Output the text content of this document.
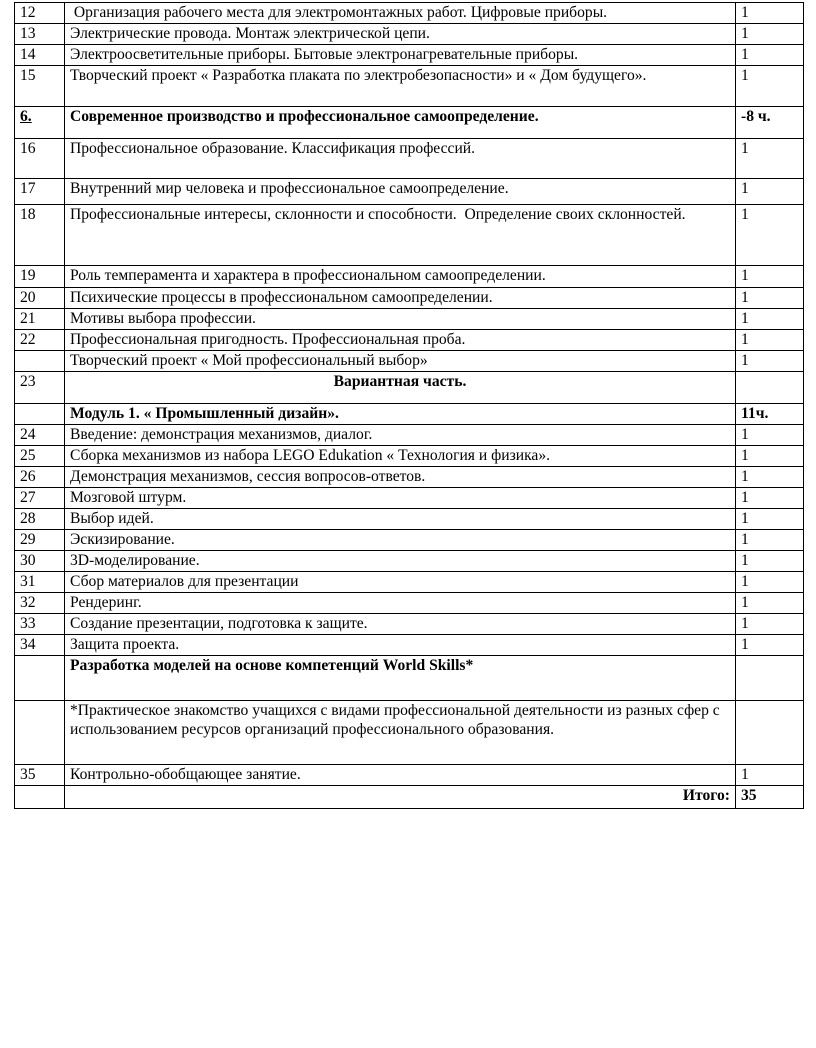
12	Организация рабочего места для электромонтажных работ. Цифровые приборы.	1
13	Электрические провода. Монтаж электрической цепи.	1
14	Электроосветительные приборы. Бытовые электронагревательные приборы.	1
15	Творческий проект « Разработка плаката по электробезопасности» и « Дом будущего».	1
6.	Современное производство и профессиональное самоопределение.	-8 ч.
16	Профессиональное образование. Классификация профессий.	1
17	Внутренний мир человека и профессиональное самоопределение.	1
18	Профессиональные интересы, склонности и способности.  Определение своих склонностей.	1
19	Роль темперамента и характера в профессиональном самоопределении.	1
20	Психические процессы в профессиональном самоопределении.	1
21	Мотивы выбора профессии.	1
22	Профессиональная пригодность. Профессиональная проба.	1
	Творческий проект « Мой профессиональный выбор»	1
23	Вариантная часть.	
	Модуль 1. « Промышленный дизайн».	11ч.
24	Введение: демонстрация механизмов, диалог.	1
25	Сборка механизмов из набора LEGO Edukation « Технология и физика».	1
26	Демонстрация механизмов, сессия вопросов-ответов.	1
27	Мозговой штурм.	1
28	Выбор идей.	1
29	Эскизирование.	1
30	3D-моделирование.	1
31	Сбор материалов для презентации	1
32	Рендеринг.	1
33	Создание презентации, подготовка к защите.	1
34	Защита проекта.	1
	Разработка моделей на основе компетенций World Skills*	
	*Практическое знакомство учащихся с видами профессиональной деятельности из разных сфер с использованием ресурсов организаций профессионального образования.	
35	Контрольно-обобщающее занятие.	1
	Итого:	35
